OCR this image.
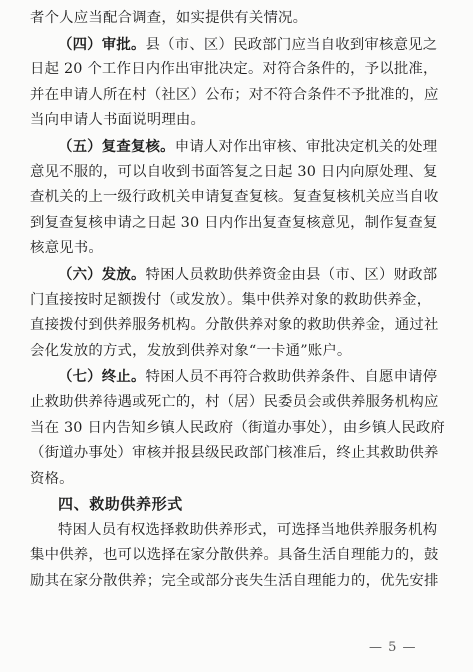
者个人应当配合调查，如实提供有关情况。
（四）审批。县（市、区）民政部门应当自收到审核意见之
日起 20 个工作日内作出审批决定。对符合条件的，予以批准，
并在申请人所在村（社区）公布；对不符合条件不予批准的，应
当向申请人书面说明理由。
（五）复查复核。申请人对作出审核、审批决定机关的处理
意见不服的，可以自收到书面答复之日起 30 日内向原处理、复
查机关的上一级行政机关申请复查复核。复查复核机关应当自收
到复查复核申请之日起 30 日内作出复查复核意见，制作复查复
核意见书。
（六）发放。特困人员救助供养资金由县（市、区）财政部
门直接按时足额拨付（或发放）。集中供养对象的救助供养金，
直接拨付到供养服务机构。分散供养对象的救助供养金，通过社
会化发放的方式，发放到供养对象“一卡通”账户。
（七）终止。特困人员不再符合救助供养条件、自愿申请停
止救助供养待遇或死亡的，村（居）民委员会或供养服务机构应
当在 30 日内告知乡镇人民政府（街道办事处），由乡镇人民政府
（街道办事处）审核并报县级民政部门核准后，终止其救助供养
资格。
四、救助供养形式
特困人员有权选择救助供养形式，可选择当地供养服务机构
集中供养，也可以选择在家分散供养。具备生活自理能力的，鼓
励其在家分散供养；完全或部分丧失生活自理能力的，优先安排
— 5 —
